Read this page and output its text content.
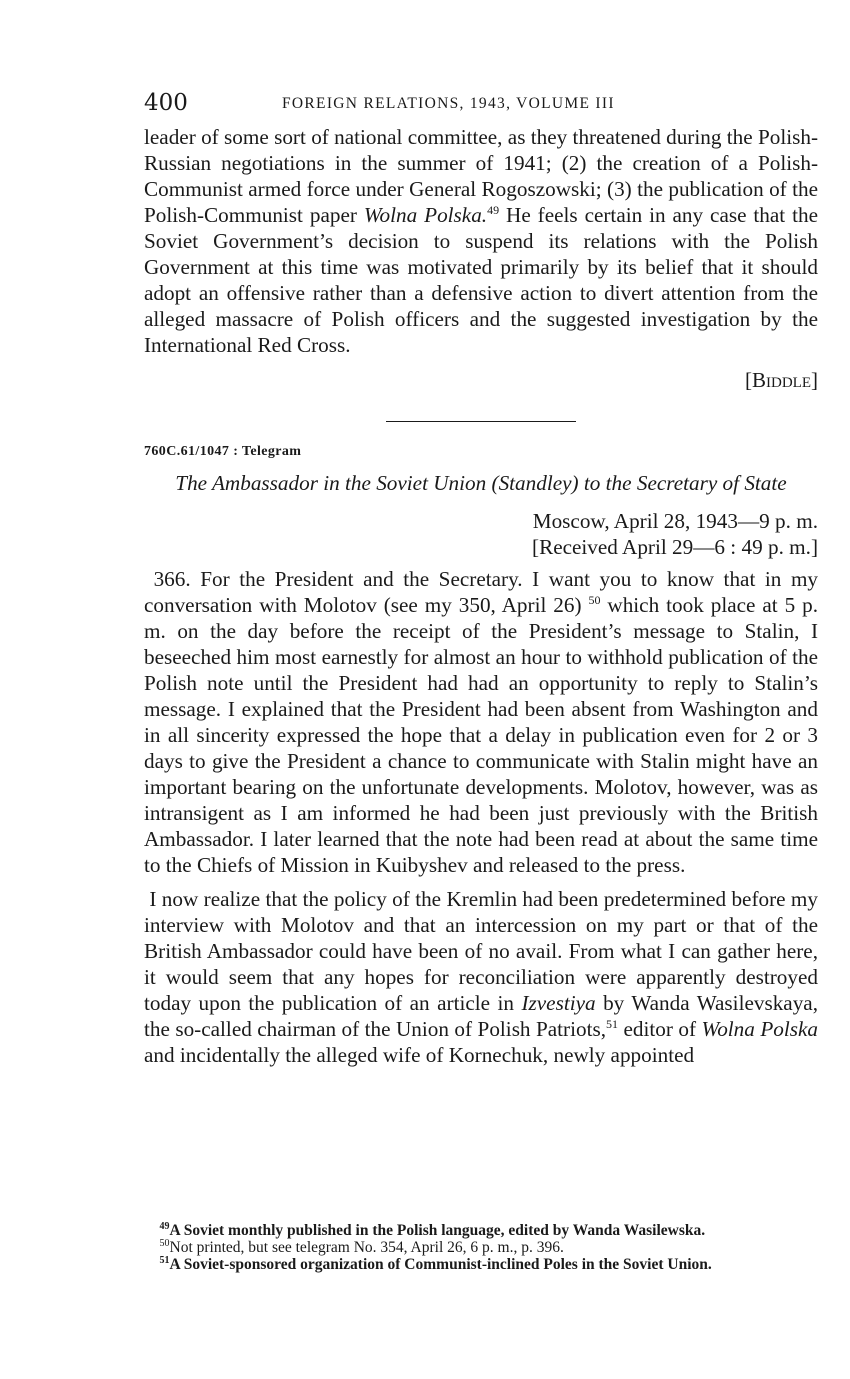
400	FOREIGN RELATIONS, 1943, VOLUME III

leader of some sort of national committee, as they threatened during the Polish-Russian negotiations in the summer of 1941; (2) the creation of a Polish-Communist armed force under General Rogoszowski; (3) the publication of the Polish-Communist paper Wolna Polska.$^{49}$ He feels certain in any case that the Soviet Government’s decision to suspend its relations with the Polish Government at this time was motivated primarily by its belief that it should adopt an offensive rather than a defensive action to divert attention from the alleged massacre of Polish officers and the suggested investigation by the International Red Cross.

[Biddle]
760C.61/1047 : Telegram
The Ambassador in the Soviet Union (Standley) to the Secretary of State
Moscow, April 28, 1943—9 p. m.
[Received April 29—6 : 49 p. m.]

366. For the President and the Secretary. I want you to know that in my conversation with Molotov (see my 350, April 26) $^{50}$ which took place at 5 p. m. on the day before the receipt of the President’s message to Stalin, I beseeched him most earnestly for almost an hour to withhold publication of the Polish note until the President had had an opportunity to reply to Stalin’s message. I explained that the President had been absent from Washington and in all sincerity expressed the hope that a delay in publication even for 2 or 3 days to give the President a chance to communicate with Stalin might have an important bearing on the unfortunate developments. Molotov, however, was as intransigent as I am informed he had been just previously with the British Ambassador. I later learned that the note had been read at about the same time to the Chiefs of Mission in Kuibyshev and released to the press.

I now realize that the policy of the Kremlin had been predetermined before my interview with Molotov and that an intercession on my part or that of the British Ambassador could have been of no avail. From what I can gather here, it would seem that any hopes for reconciliation were apparently destroyed today upon the publication of an article in Izvestiya by Wanda Wasilevskaya, the so-called chairman of the Union of Polish Patriots,$^{51}$ editor of Wolna Polska and incidentally the alleged wife of Kornechuk, newly appointed

$^{49}$A Soviet monthly published in the Polish language, edited by Wanda Wasilewska.

$^{50}$Not printed, but see telegram No. 354, April 26, 6 p. m., p. 396.

$^{51}$A Soviet-sponsored organization of Communist-inclined Poles in the Soviet Union.
